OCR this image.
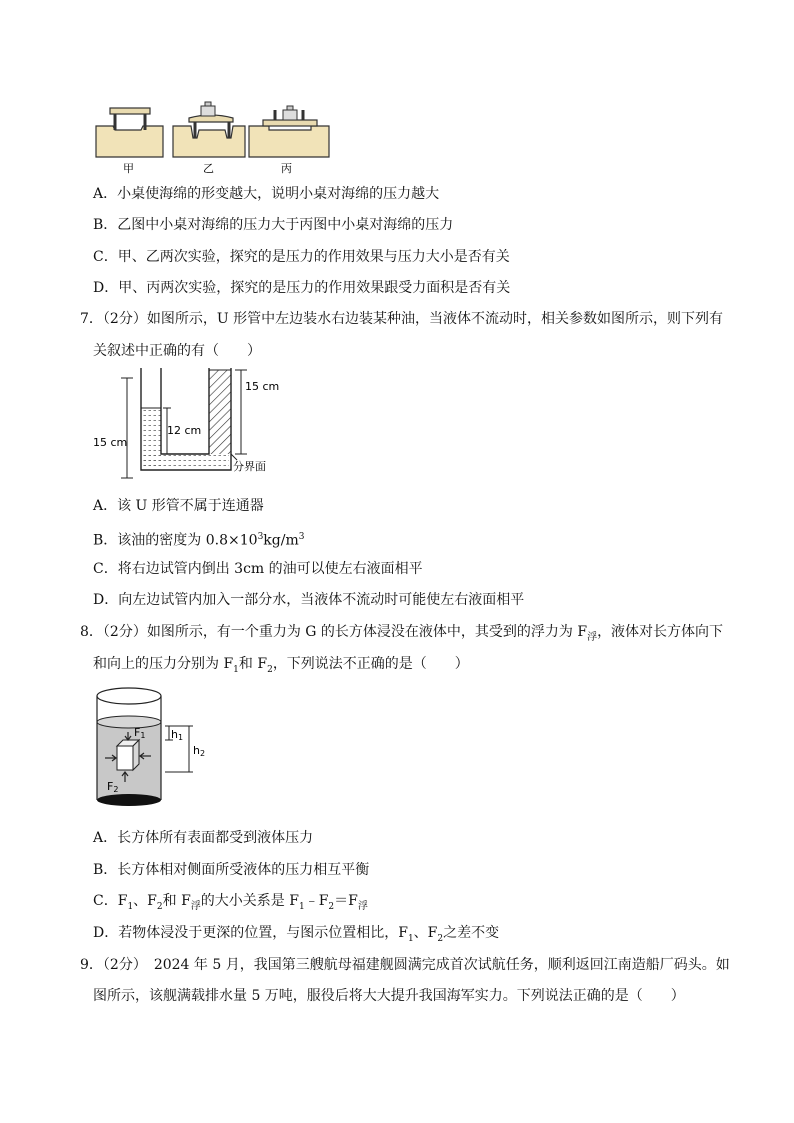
甲	乙	丙
A．小桌使海绵的形变越大，说明小桌对海绵的压力越大
B．乙图中小桌对海绵的压力大于丙图中小桌对海绵的压力
C．甲、乙两次实验，探究的是压力的作用效果与压力大小是否有关
D．甲、丙两次实验，探究的是压力的作用效果跟受力面积是否有关
7．（2分）如图所示，U 形管中左边装水右边装某种油，当液体不流动时，相关参数如图所示，则下列有
关叙述中正确的有（　　）
15 cm
12 cm
15 cm
分界面
A．该 U 形管不属于连通器
B．该油的密度为 $0.8\times 10^3kg/m^3$
C．将右边试管内倒出 3cm 的油可以使左右液面相平
D．向左边试管内加入一部分水，当液体不流动时可能使左右液面相平
8．（2分）如图所示，有一个重力为 G 的长方体浸没在液体中，其受到的浮力为 $F_浮$，液体对长方体向下
和向上的压力分别为 $F_1$和 $F_2$，下列说法不正确的是（　　）
F1
F2
h1
h2
A．长方体所有表面都受到液体压力
B．长方体相对侧面所受液体的压力相互平衡
C．$F_1$、$F_2$和 $F_浮$的大小关系是 $F_1﹣F_2=F_浮$
D．若物体浸没于更深的位置，与图示位置相比，$F_1$、$F_2$之差不变
9．（2分）　2024 年 5 月，我国第三艘航母福建舰圆满完成首次试航任务，顺利返回江南造船厂码头。如
图所示，该舰满载排水量 5 万吨，服役后将大大提升我国海军实力。下列说法正确的是（　　）
